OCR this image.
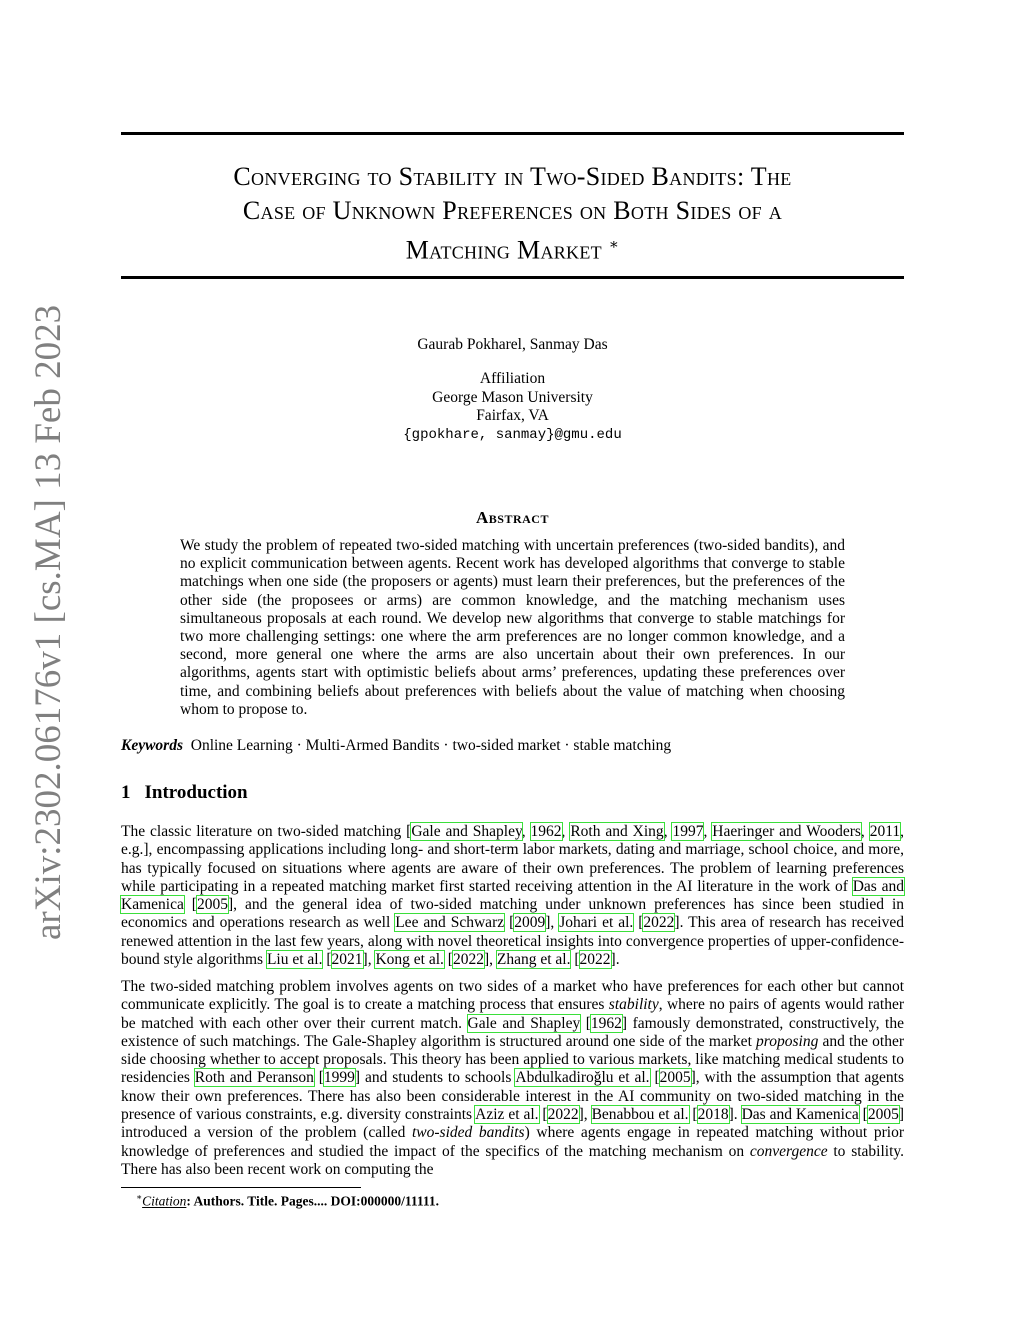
arXiv:2302.06176v1 [cs.MA] 13 Feb 2023
Converging to Stability in Two-Sided Bandits: The
Case of Unknown Preferences on Both Sides of a
Matching Market ∗
Gaurab Pokharel, Sanmay Das
Affiliation
George Mason University
Fairfax, VA
{gpokhare, sanmay}@gmu.edu
Abstract
We study the problem of repeated two-sided matching with uncertain preferences (two-sided bandits), and no explicit communication between agents. Recent work has developed algorithms that converge to stable matchings when one side (the proposers or agents) must learn their preferences, but the preferences of the other side (the proposees or arms) are common knowledge, and the matching mechanism uses simultaneous proposals at each round. We develop new algorithms that converge to stable matchings for two more challenging settings: one where the arm preferences are no longer common knowledge, and a second, more general one where the arms are also uncertain about their own preferences. In our algorithms, agents start with optimistic beliefs about arms’ preferences, updating these preferences over time, and combining beliefs about preferences with beliefs about the value of matching when choosing whom to propose to.
Keywords Online Learning · Multi-Armed Bandits · two-sided market · stable matching
1 Introduction
The classic literature on two-sided matching [Gale and Shapley, 1962, Roth and Xing, 1997, Haeringer and Wooders, 2011, e.g.], encompassing applications including long- and short-term labor markets, dating and marriage, school choice, and more, has typically focused on situations where agents are aware of their own preferences. The problem of learning preferences while participating in a repeated matching market first started receiving attention in the AI literature in the work of Das and Kamenica [2005], and the general idea of two-sided matching under unknown preferences has since been studied in economics and operations research as well Lee and Schwarz [2009], Johari et al. [2022]. This area of research has received renewed attention in the last few years, along with novel theoretical insights into convergence properties of upper-confidence-bound style algorithms Liu et al. [2021], Kong et al. [2022], Zhang et al. [2022].
The two-sided matching problem involves agents on two sides of a market who have preferences for each other but cannot communicate explicitly. The goal is to create a matching process that ensures stability, where no pairs of agents would rather be matched with each other over their current match. Gale and Shapley [1962] famously demonstrated, constructively, the existence of such matchings. The Gale-Shapley algorithm is structured around one side of the market proposing and the other side choosing whether to accept proposals. This theory has been applied to various markets, like matching medical students to residencies Roth and Peranson [1999] and students to schools Abdulkadiroğlu et al. [2005], with the assumption that agents know their own preferences. There has also been considerable interest in the AI community on two-sided matching in the presence of various constraints, e.g. diversity constraints Aziz et al. [2022], Benabbou et al. [2018]. Das and Kamenica [2005] introduced a version of the problem (called two-sided bandits) where agents engage in repeated matching without prior knowledge of preferences and studied the impact of the specifics of the matching mechanism on convergence to stability. There has also been recent work on computing the
∗Citation: Authors. Title. Pages.... DOI:000000/11111.
